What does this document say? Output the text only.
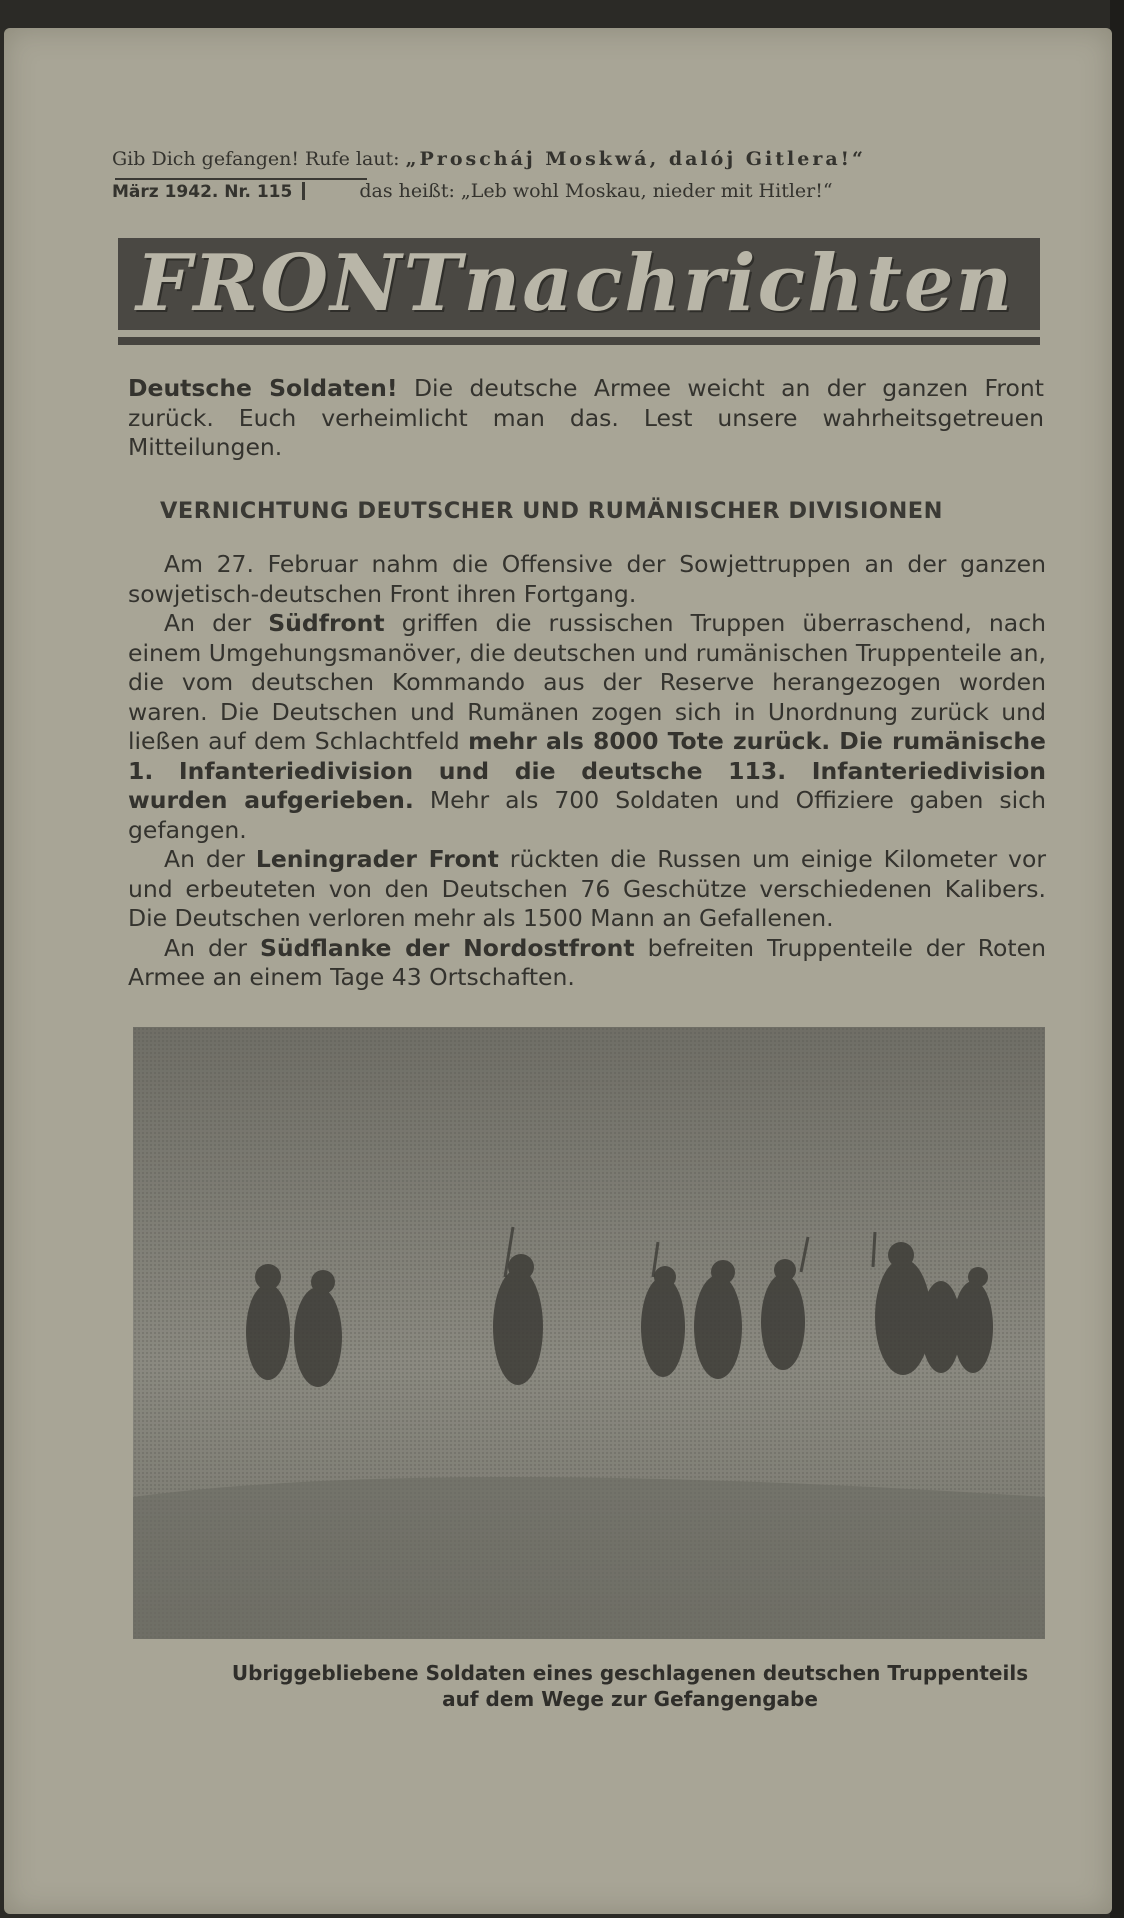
Gib Dich gefangen! Rufe laut: „Proscháj Moskwá, dalój Gitlera!“
März 1942. Nr. 115	das heißt: „Leb wohl Moskau, nieder mit Hitler!“
FRONTnachrichten
Deutsche Soldaten! Die deutsche Armee weicht an der ganzen Front zurück. Euch verheimlicht man das. Lest unsere wahrheitsgetreuen Mitteilungen.
VERNICHTUNG DEUTSCHER UND RUMÄNISCHER DIVISIONEN

Am 27. Februar nahm die Offensive der Sowjettruppen an der ganzen sowjetisch-deutschen Front ihren Fortgang.

An der Südfront griffen die russischen Truppen überraschend, nach einem Umgehungsmanöver, die deutschen und rumänischen Truppenteile an, die vom deutschen Kommando aus der Reserve herangezogen worden waren. Die Deutschen und Rumänen zogen sich in Unordnung zurück und ließen auf dem Schlachtfeld mehr als 8000 Tote zurück. Die rumänische 1. Infanteriedivision und die deutsche 113. Infanteriedivision wurden aufgerieben. Mehr als 700 Soldaten und Offiziere gaben sich gefangen.

An der Leningrader Front rückten die Russen um einige Kilometer vor und erbeuteten von den Deutschen 76 Geschütze verschiedenen Kalibers. Die Deutschen verloren mehr als 1500 Mann an Gefallenen.

An der Südflanke der Nordostfront befreiten Truppenteile der Roten Armee an einem Tage 43 Ortschaften.

Ubriggebliebene Soldaten eines geschlagenen deutschen Truppenteils
auf dem Wege zur Gefangengabe
